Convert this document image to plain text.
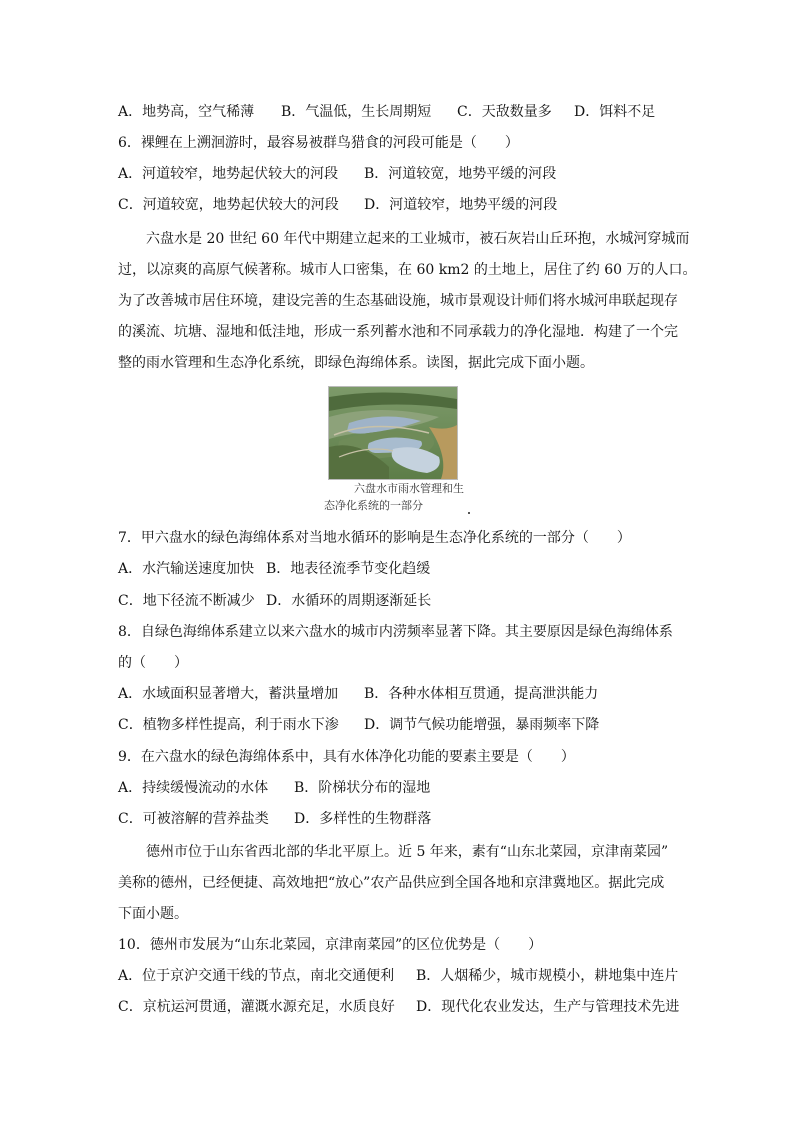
A．地势高，空气稀薄 B．气温低，生长周期短 C．天敌数量多 D．饵料不足
6．裸鲤在上溯洄游时，最容易被群鸟猎食的河段可能是（　　）
A．河道较窄，地势起伏较大的河段 B．河道较宽，地势平缓的河段
C．河道较宽，地势起伏较大的河段 D．河道较窄，地势平缓的河段
六盘水是 20 世纪 60 年代中期建立起来的工业城市，被石灰岩山丘环抱，水城河穿城而
过，以凉爽的高原气候著称。城市人口密集，在 60 km2 的土地上，居住了约 60 万的人口。
为了改善城市居住环境，建设完善的生态基础设施，城市景观设计师们将水城河串联起现存
的溪流、坑塘、湿地和低洼地，形成一系列蓄水池和不同承载力的净化湿地．构建了一个完
整的雨水管理和生态净化系统，即绿色海绵体系。读图，据此完成下面小题。
六盘水市雨水管理和生
态净化系统的一部分
7．甲六盘水的绿色海绵体系对当地水循环的影响是生态净化系统的一部分（　　）
A．水汽输送速度加快 B．地表径流季节变化趋缓
C．地下径流不断减少 D．水循环的周期逐渐延长
8．自绿色海绵体系建立以来六盘水的城市内涝频率显著下降。其主要原因是绿色海绵体系
的（　　）
A．水域面积显著增大，蓄洪量增加 B．各种水体相互贯通，提高泄洪能力
C．植物多样性提高，利于雨水下渗 D．调节气候功能增强，暴雨频率下降
9．在六盘水的绿色海绵体系中，具有水体净化功能的要素主要是（　　）
A．持续缓慢流动的水体 B．阶梯状分布的湿地
C．可被溶解的营养盐类 D．多样性的生物群落
德州市位于山东省西北部的华北平原上。近 5 年来，素有“山东北菜园，京津南菜园”
美称的德州，已经便捷、高效地把“放心”农产品供应到全国各地和京津冀地区。据此完成
下面小题。
10．德州市发展为“山东北菜园，京津南菜园”的区位优势是（　　）
A．位于京沪交通干线的节点，南北交通便利 B．人烟稀少，城市规模小，耕地集中连片
C．京杭运河贯通，灌溉水源充足，水质良好 D．现代化农业发达，生产与管理技术先进
